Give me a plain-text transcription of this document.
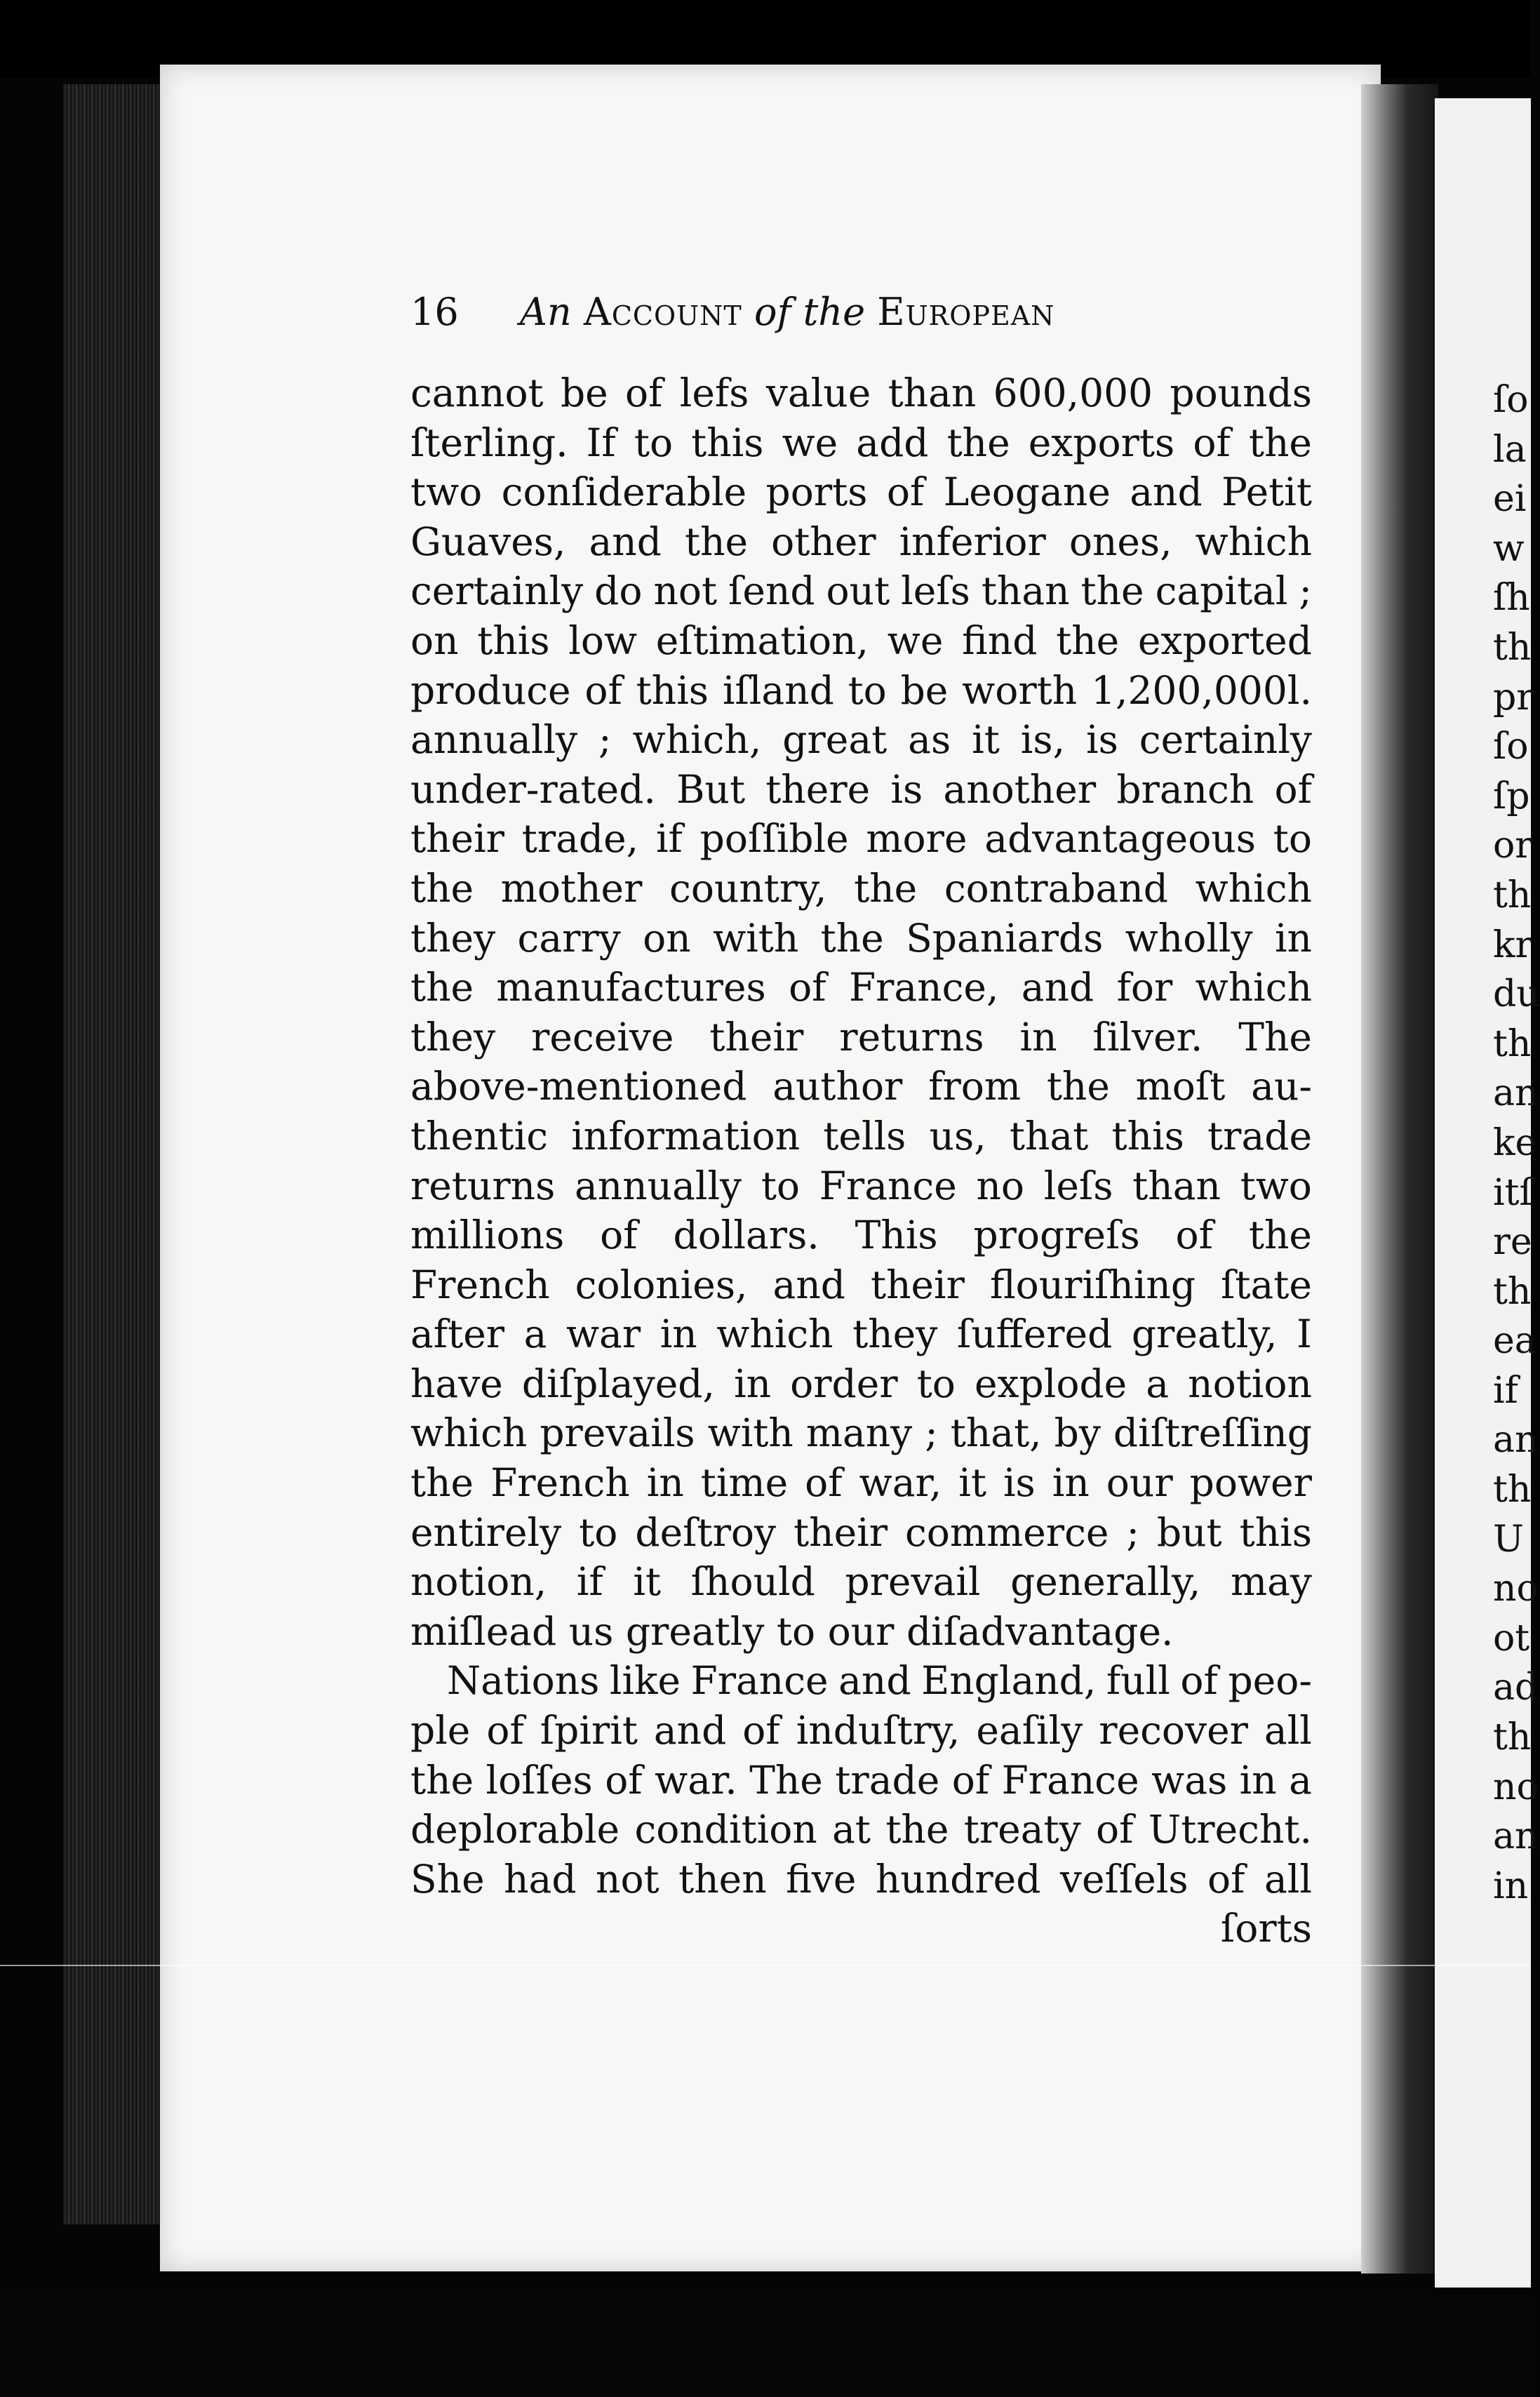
ſo
la
ei
w
ſh
th
pr
ſo
ſp
or
th
kr
du
th
an
ke
itſ
re
th
ea
if
an
th
U
no
ot
ad
th
no
an
in
16 An Account of the European
cannot be of lefs value than 600,000 pounds
ſterling. If to this we add the exports of the
two conſiderable ports of Leogane and Petit
Guaves, and the other inferior ones, which
certainly do not ſend out leſs than the capital ;
on this low eſtimation, we find the exported
produce of this iſland to be worth 1,200,000l.
annually ; which, great as it is, is certainly
under-rated. But there is another branch of
their trade, if poſſible more advantageous to
the mother country, the contraband which
they carry on with the Spaniards wholly in
the manufactures of France, and for which
they receive their returns in ſilver. The
above-mentioned author from the moſt au-
thentic information tells us, that this trade
returns annually to France no leſs than two
millions of dollars. This progreſs of the
French colonies, and their flouriſhing ſtate
after a war in which they ſuffered greatly, I
have diſplayed, in order to explode a notion
which prevails with many ; that, by diſtreſſing
the French in time of war, it is in our power
entirely to deſtroy their commerce ; but this
notion, if it ſhould prevail generally, may
miſlead us greatly to our diſadvantage.
Nations like France and England, full of peo-
ple of ſpirit and of induſtry, eaſily recover all
the loſſes of war. The trade of France was in a
deplorable condition at the treaty of Utrecht.
She had not then five hundred veſſels of all
ſorts
